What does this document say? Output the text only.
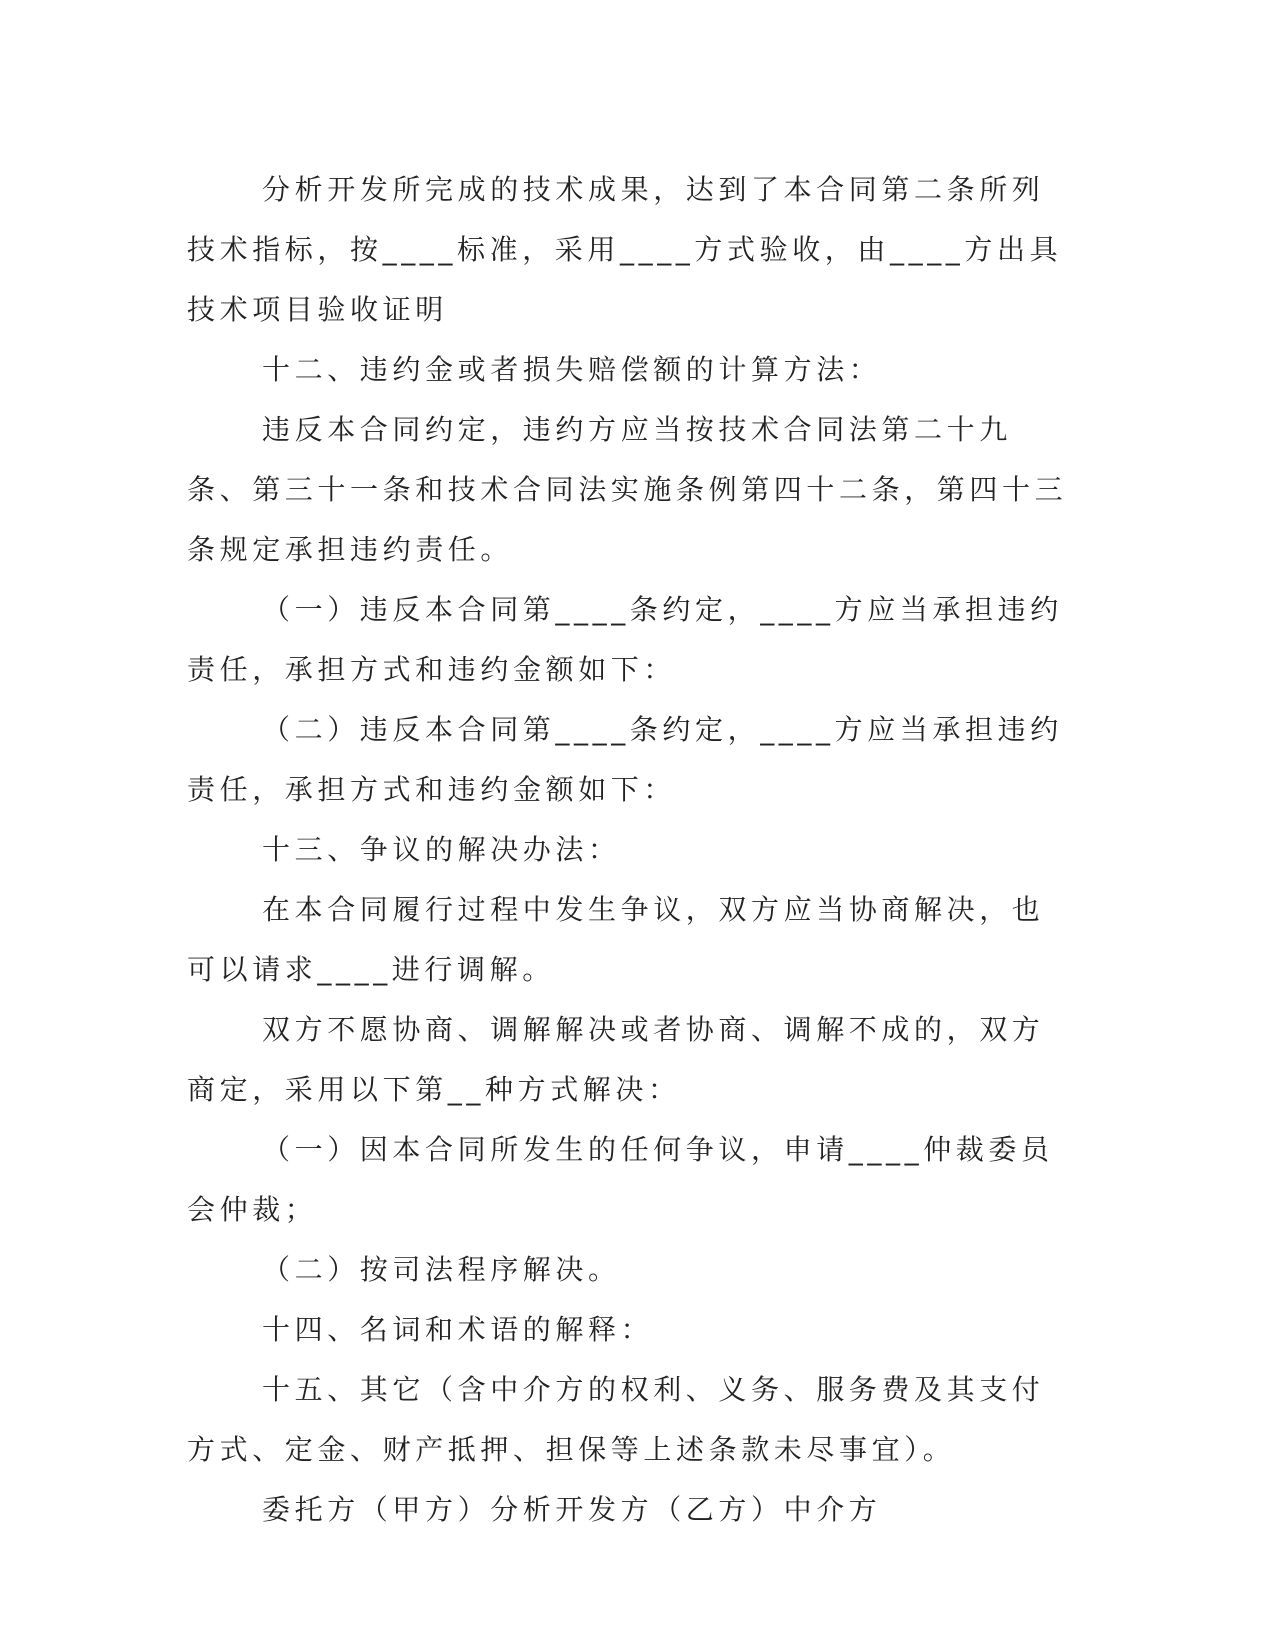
分析开发所完成的技术成果，达到了本合同第二条所列技术指标，按____标准，采用____方式验收，由____方出具技术项目验收证明

十二、违约金或者损失赔偿额的计算方法：

违反本合同约定，违约方应当按技术合同法第二十九条、第三十一条和技术合同法实施条例第四十二条，第四十三条规定承担违约责任。

（一）违反本合同第____条约定，____方应当承担违约责任，承担方式和违约金额如下：

（二）违反本合同第____条约定，____方应当承担违约责任，承担方式和违约金额如下：

十三、争议的解决办法：

在本合同履行过程中发生争议，双方应当协商解决，也可以请求____进行调解。

双方不愿协商、调解解决或者协商、调解不成的，双方商定，采用以下第__种方式解决：

（一）因本合同所发生的任何争议，申请____仲裁委员会仲裁；

（二）按司法程序解决。

十四、名词和术语的解释：

十五、其它（含中介方的权利、义务、服务费及其支付方式、定金、财产抵押、担保等上述条款未尽事宜）。

委托方（甲方）分析开发方（乙方）中介方
